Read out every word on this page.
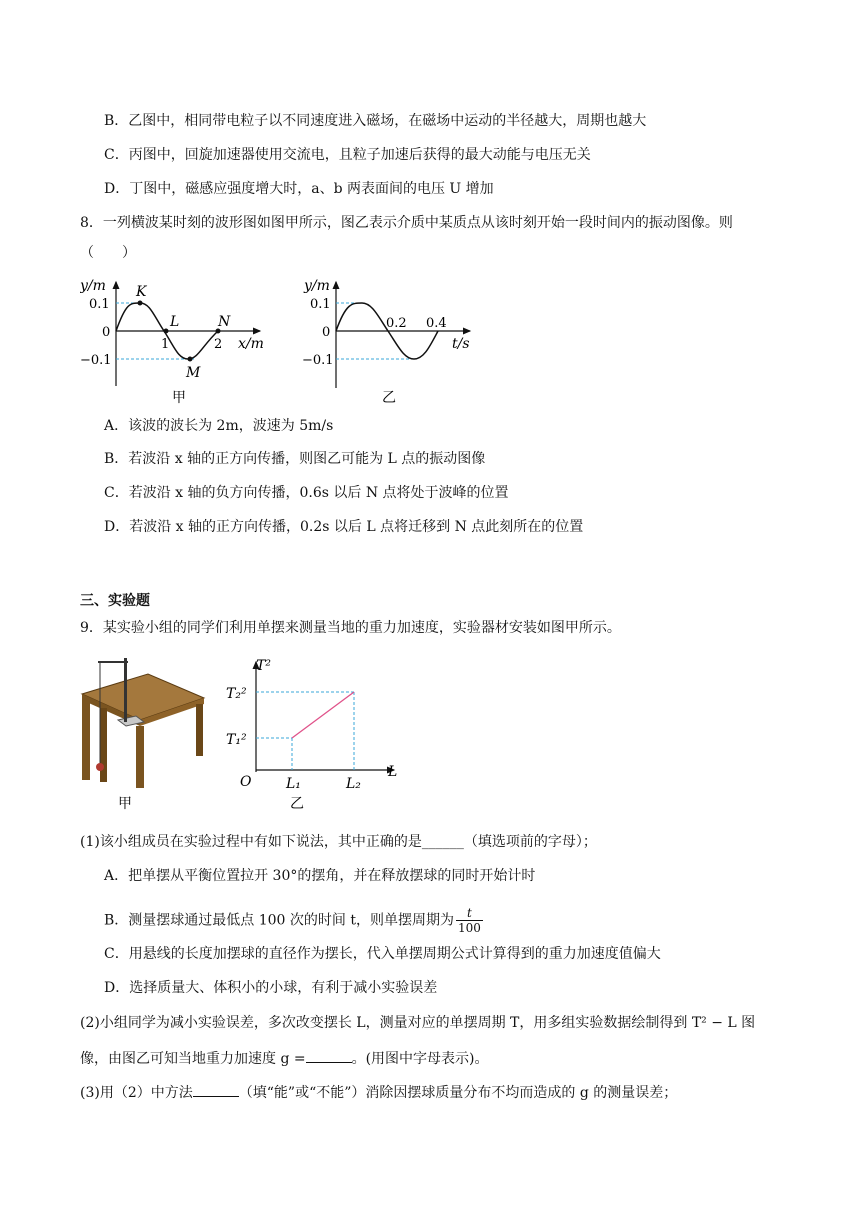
B．乙图中，相同带电粒子以不同速度进入磁场，在磁场中运动的半径越大，周期也越大
C．丙图中，回旋加速器使用交流电，且粒子加速后获得的最大动能与电压无关
D．丁图中，磁感应强度增大时，a、b 两表面间的电压 U 增加
8．一列横波某时刻的波形图如图甲所示，图乙表示介质中某质点从该时刻开始一段时间内的振动图像。则
（　　）
y/m
0.1
0
−0.1
K
L
1
M
N
2 x/m
甲
y/m
0.1
0
−0.1
0.2 0.4
t/s
乙
A．该波的波长为 2m，波速为 5m/s
B．若波沿 x 轴的正方向传播，则图乙可能为 L 点的振动图像
C．若波沿 x 轴的负方向传播，0.6s 以后 N 点将处于波峰的位置
D．若波沿 x 轴的正方向传播，0.2s 以后 L 点将迁移到 N 点此刻所在的位置
三、实验题
9．某实验小组的同学们利用单摆来测量当地的重力加速度，实验器材安装如图甲所示。
甲
T²
T₂²
T₁²
O L₁	L₂
L
乙
(1)该小组成员在实验过程中有如下说法，其中正确的是______（填选项前的字母）；
A．把单摆从平衡位置拉开 30°的摆角，并在释放摆球的同时开始计时
B．测量摆球通过最低点 100 次的时间 t，则单摆周期为 $\frac{t}{100}$
C．用悬线的长度加摆球的直径作为摆长，代入单摆周期公式计算得到的重力加速度值偏大
D．选择质量大、体积小的小球，有利于减小实验误差
(2)小组同学为减小实验误差，多次改变摆长 L，测量对应的单摆周期 T，用多组实验数据绘制得到 T² − L 图
像，由图乙可知当地重力加速度 g =	。(用图中字母表示)。
(3)用（2）中方法	（填“能”或“不能”）消除因摆球质量分布不均而造成的 g 的测量误差；
